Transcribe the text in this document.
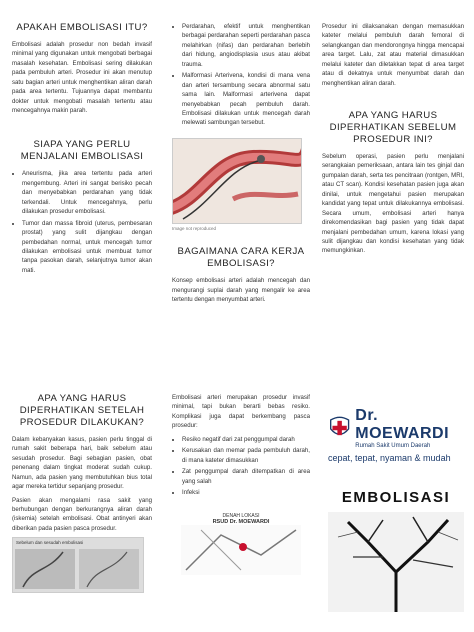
APAKAH EMBOLISASI ITU?

Embolisasi adalah prosedur non bedah invasif minimal yang digunakan untuk mengobati berbagai masalah kesehatan. Embolisasi sering dilakukan pada pembuluh arteri. Prosedur ini akan menutup satu bagian arteri untuk menghentikan aliran darah pada area tertentu. Tujuannya dapat membantu dokter untuk mengobati masalah tertentu atau mencegahnya makin parah.

SIAPA YANG PERLU MENJALANI EMBOLISASI
• Aneurisma, jika area tertentu pada arteri mengembung. Arteri ini sangat berisiko pecah dan menyebabkan perdarahan yang tidak terkendali. Untuk mencegahnya, perlu dilakukan prosedur embolisasi.
• Tumor dan massa fibroid (uterus, pembesaran prostat) yang sulit dijangkau dengan pembedahan normal, untuk mencegah tumor dilakukan embolisasi untuk membuat tumor tanpa pasokan darah, selanjutnya tumor akan mati.
• Perdarahan, efektif untuk menghentikan berbagai perdarahan seperti perdarahan pasca melahirkan (nifas) dan perdarahan berlebih dari hidung, angiodisplasia usus atau akibat trauma.
• Malformasi Arterivena, kondisi di mana vena dan arteri tersambung secara abnormal satu sama lain. Malformasi arterivena dapat menyebabkan pecah pembuluh darah. Embolisasi dilakukan untuk mencegah darah melewati sambungan tersebut.
Image not reproduced
BAGAIMANA CARA KERJA EMBOLISASI?

Konsep embolisasi arteri adalah mencegah dan mengurangi suplai darah yang mengalir ke area tertentu dengan menyumbat arteri.

Prosedur ini dilaksanakan dengan memasukkan kateter melalui pembuluh darah femoral di selangkangan dan mendorongnya hingga mencapai area target. Lalu, zat atau material dimasukkan melalui kateter dan diletakkan tepat di area target atau di dekatnya untuk menyumbat darah dan menghentikan aliran darah.

APA YANG HARUS DIPERHATIKAN SEBELUM PROSEDUR INI?

Sebelum operasi, pasien perlu menjalani serangkaian pemeriksaan, antara lain tes ginjal dan gumpalan darah, serta tes pencitraan (rontgen, MRI, atau CT scan). Kondisi kesehatan pasien juga akan dinilai, untuk mengetahui pasien merupakan kandidat yang tepat untuk dilakukannya embolisasi. Secara umum, embolisasi arteri hanya direkomendasikan bagi pasien yang tidak dapat menjalani pembedahan umum, karena lokasi yang sulit dijangkau dan kondisi kesehatan yang tidak memungkinkan.

APA YANG HARUS DIPERHATIKAN SETELAH PROSEDUR DILAKUKAN?

Dalam kebanyakan kasus, pasien perlu tinggal di rumah sakit beberapa hari, baik sebelum atau sesudah prosedur. Bagi sebagian pasien, obat penenang dalam tingkat moderat sudah cukup. Namun, ada pasien yang membutuhkan bius total agar mereka tertidur sepanjang prosedur.

Pasien akan mengalami rasa sakit yang berhubungan dengan berkurangnya aliran darah (iskemia) setelah embolisasi. Obat antinyeri akan diberikan pada pasien pasca prosedur.

Sebelum dan sesudah embolisasi

Embolisasi arteri merupakan prosedur invasif minimal, tapi bukan berarti bebas resiko. Komplikasi juga dapat berkembang pasca prosedur:

• Resiko negatif dari zat penggumpal darah
• Kerusakan dan memar pada pembuluh darah, di mana kateter dimasukkan
• Zat penggumpal darah ditempatkan di area yang salah
• Infeksi
DENAH LOKASI
RSUD Dr. MOEWARDI
Dr. MOEWARDI
Rumah Sakit Umum Daerah
cepat, tepat, nyaman & mudah
EMBOLISASI
